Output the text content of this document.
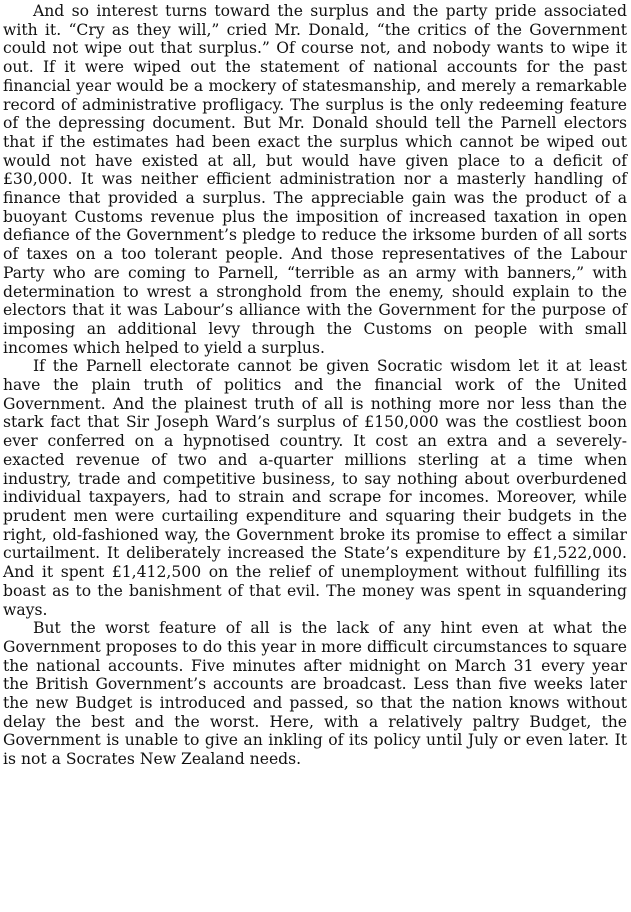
And so interest turns toward the surplus and the party pride associated with it. “Cry as they will,” cried Mr. Donald, “the critics of the Government could not wipe out that surplus.” Of course not, and nobody wants to wipe it out. If it were wiped out the statement of national accounts for the past financial year would be a mockery of statesmanship, and merely a remarkable record of administrative profligacy. The surplus is the only redeeming feature of the depressing document. But Mr. Donald should tell the Parnell electors that if the estimates had been exact the surplus which cannot be wiped out would not have existed at all, but would have given place to a deficit of £30,000. It was neither efficient administration nor a masterly handling of finance that provided a surplus. The appreciable gain was the product of a buoyant Customs revenue plus the imposition of increased taxation in open defiance of the Government’s pledge to reduce the irksome burden of all sorts of taxes on a too tolerant people. And those representatives of the Labour Party who are coming to Parnell, “terrible as an army with banners,” with determination to wrest a stronghold from the enemy, should explain to the electors that it was Labour’s alliance with the Government for the purpose of imposing an additional levy through the Customs on people with small incomes which helped to yield a surplus.

If the Parnell electorate cannot be given Socratic wisdom let it at least have the plain truth of politics and the financial work of the United Government. And the plainest truth of all is nothing more nor less than the stark fact that Sir Joseph Ward’s surplus of £150,000 was the costliest boon ever conferred on a hypnotised country. It cost an extra and a severely-exacted revenue of two and a-quarter millions sterling at a time when industry, trade and competitive business, to say nothing about overburdened individual taxpayers, had to strain and scrape for incomes. Moreover, while prudent men were curtailing expenditure and squaring their budgets in the right, old-fashioned way, the Government broke its promise to effect a similar curtailment. It deliberately increased the State’s expenditure by £1,522,000. And it spent £1,412,500 on the relief of unemployment without fulfilling its boast as to the banishment of that evil. The money was spent in squandering ways.

But the worst feature of all is the lack of any hint even at what the Government proposes to do this year in more difficult circumstances to square the national accounts. Five minutes after midnight on March 31 every year the British Government’s accounts are broadcast. Less than five weeks later the new Budget is introduced and passed, so that the nation knows without delay the best and the worst. Here, with a relatively paltry Budget, the Government is unable to give an inkling of its policy until July or even later. It is not a Socrates New Zealand needs.
